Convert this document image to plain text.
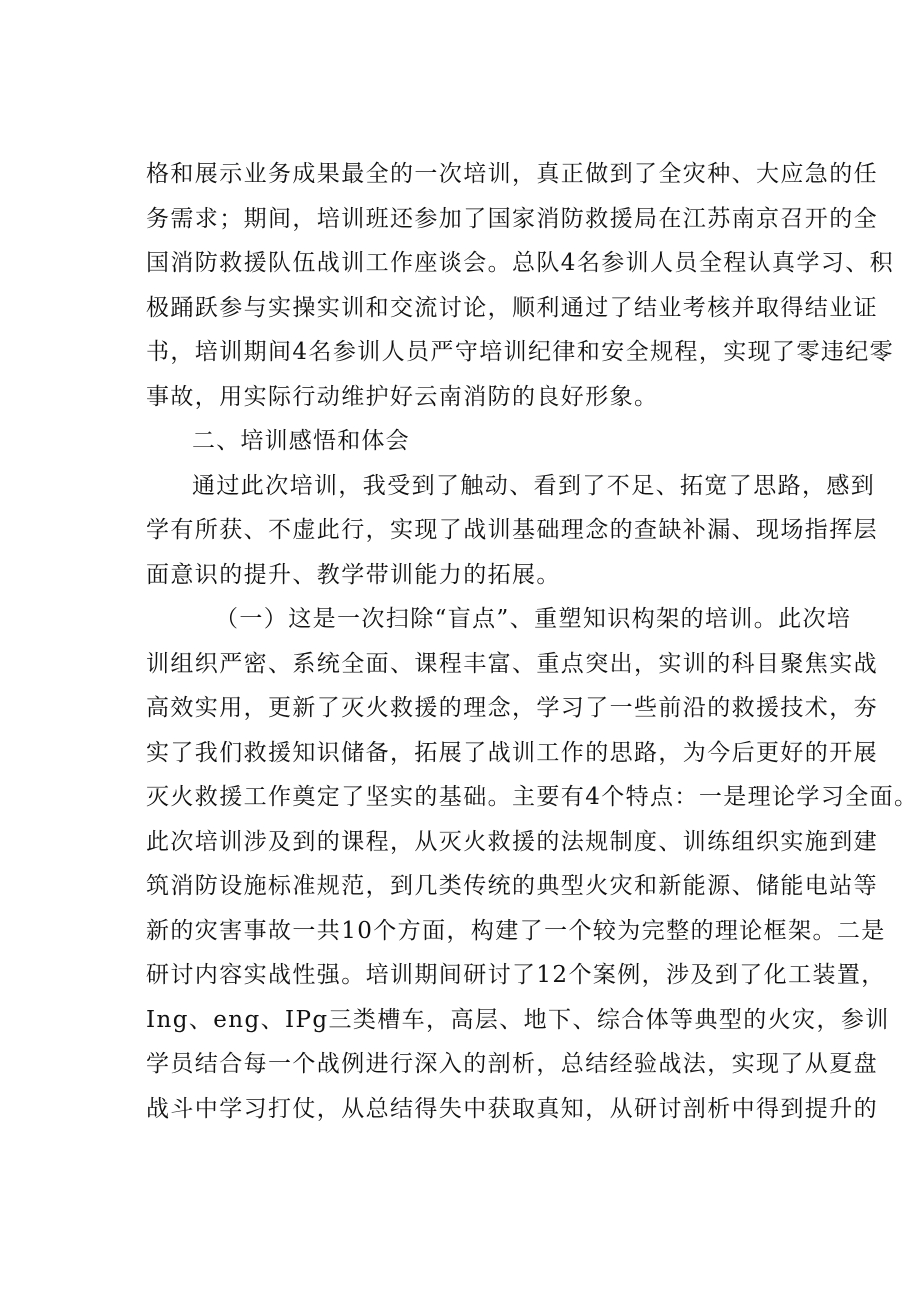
格和展示业务成果最全的一次培训，真正做到了全灾种、大应急的任
务需求；期间，培训班还参加了国家消防救援局在江苏南京召开的全
国消防救援队伍战训工作座谈会。总队4名参训人员全程认真学习、积
极踊跃参与实操实训和交流讨论，顺利通过了结业考核并取得结业证
书，培训期间4名参训人员严守培训纪律和安全规程，实现了零违纪零
事故，用实际行动维护好云南消防的良好形象。
二、培训感悟和体会
通过此次培训，我受到了触动、看到了不足、拓宽了思路，感到
学有所获、不虚此行，实现了战训基础理念的查缺补漏、现场指挥层
面意识的提升、教学带训能力的拓展。
（一）这是一次扫除“盲点”、重塑知识构架的培训。此次培
训组织严密、系统全面、课程丰富、重点突出，实训的科目聚焦实战
高效实用，更新了灭火救援的理念，学习了一些前沿的救援技术，夯
实了我们救援知识储备，拓展了战训工作的思路，为今后更好的开展
灭火救援工作奠定了坚实的基础。主要有4个特点：一是理论学习全面。
此次培训涉及到的课程，从灭火救援的法规制度、训练组织实施到建
筑消防设施标准规范，到几类传统的典型火灾和新能源、储能电站等
新的灾害事故一共10个方面，构建了一个较为完整的理论框架。二是
研讨内容实战性强。培训期间研讨了12个案例，涉及到了化工装置，
Ing、eng、IPg三类槽车，高层、地下、综合体等典型的火灾，参训
学员结合每一个战例进行深入的剖析，总结经验战法，实现了从夏盘
战斗中学习打仗，从总结得失中获取真知，从研讨剖析中得到提升的
